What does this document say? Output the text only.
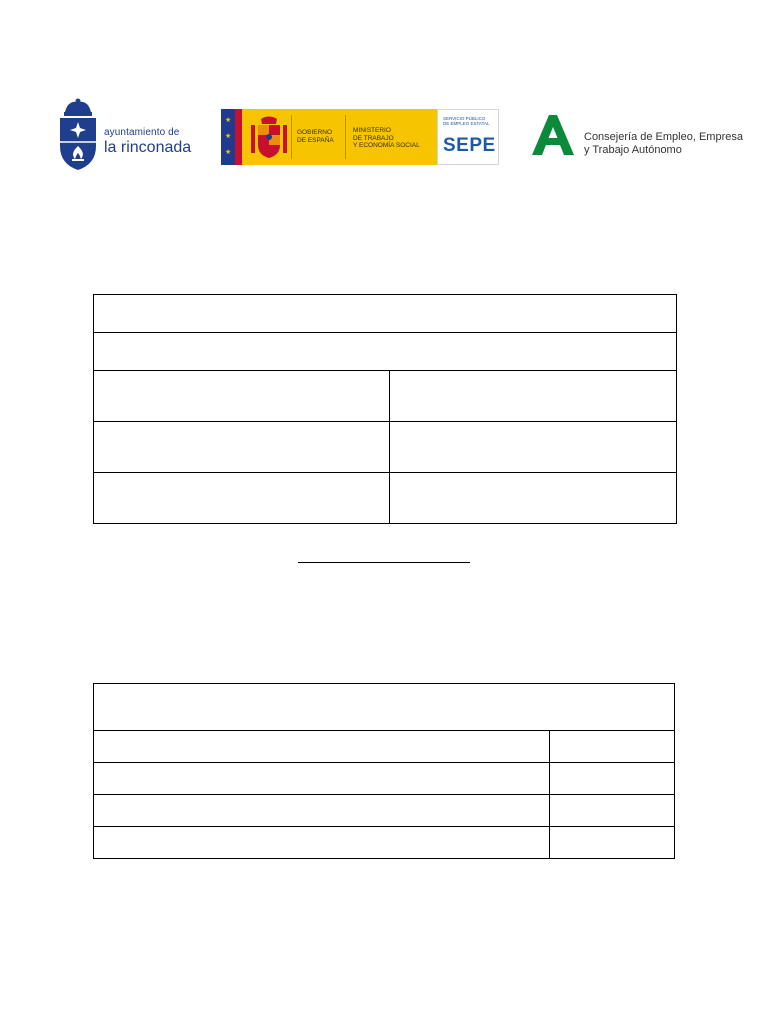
ayuntamiento de
la rinconada
★
★
★
GOBIERNO
DE ESPAÑA
MINISTERIO
DE TRABAJO
Y ECONOMÍA SOCIAL
SERVICIO PÚBLICO
DE EMPLEO ESTATAL
SEPE	Consejería de Empleo, Empresa
y Trabajo Autónomo
